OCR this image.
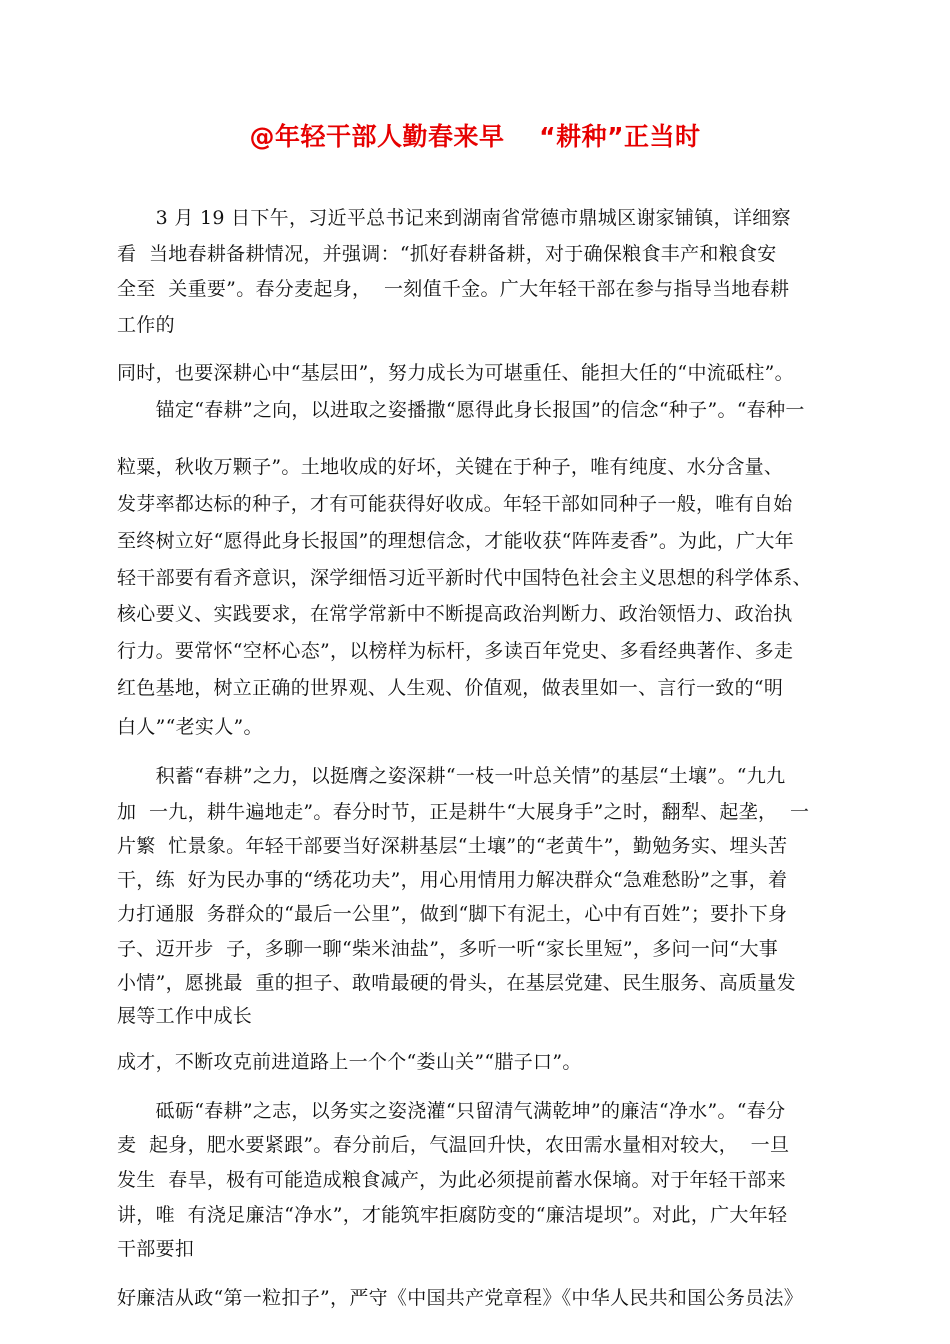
@年轻干部人勤春来早　 “耕种”正当时
　　3 月 19 日下午，习近平总书记来到湖南省常德市鼎城区谢家铺镇，详细察
看  当地春耕备耕情况，并强调：“抓好春耕备耕，对于确保粮食丰产和粮食安
全至  关重要”。春分麦起身，  一刻值千金。广大年轻干部在参与指导当地春耕
工作的
同时，也要深耕心中“基层田”，努力成长为可堪重任、能担大任的“中流砥柱”。
　　锚定“春耕”之向，以进取之姿播撒“愿得此身长报国”的信念“种子”。“春种一
粒粟，秋收万颗子”。土地收成的好坏，关键在于种子，唯有纯度、水分含量、
发芽率都达标的种子，才有可能获得好收成。年轻干部如同种子一般，唯有自始
至终树立好“愿得此身长报国”的理想信念，才能收获“阵阵麦香”。为此，广大年
轻干部要有看齐意识，深学细悟习近平新时代中国特色社会主义思想的科学体系、
核心要义、实践要求，在常学常新中不断提高政治判断力、政治领悟力、政治执
行力。要常怀“空杯心态”，以榜样为标杆，多读百年党史、多看经典著作、多走
红色基地，树立正确的世界观、人生观、价值观，做表里如一、言行一致的“明
白人”“老实人”。
　　积蓄“春耕”之力，以挺膺之姿深耕“一枝一叶总关情”的基层“土壤”。“九九
加  一九，耕牛遍地走”。春分时节，正是耕牛“大展身手”之时，翻犁、起垄，  一
片繁  忙景象。年轻干部要当好深耕基层“土壤”的“老黄牛”，勤勉务实、埋头苦
干，练  好为民办事的“绣花功夫”，用心用情用力解决群众“急难愁盼”之事，着
力打通服  务群众的“最后一公里”，做到“脚下有泥土，心中有百姓”；要扑下身
子、迈开步  子，多聊一聊“柴米油盐”，多听一听“家长里短”，多问一问“大事
小情”，愿挑最  重的担子、敢啃最硬的骨头，在基层党建、民生服务、高质量发
展等工作中成长
成才，不断攻克前进道路上一个个“娄山关”“腊子口”。
　　砥砺“春耕”之志，以务实之姿浇灌“只留清气满乾坤”的廉洁“净水”。“春分
麦  起身，肥水要紧跟”。春分前后，气温回升快，农田需水量相对较大，  一旦
发生  春旱，极有可能造成粮食减产，为此必须提前蓄水保墒。对于年轻干部来
讲，唯  有浇足廉洁“净水”，才能筑牢拒腐防变的“廉洁堤坝”。对此，广大年轻
干部要扣
好廉洁从政“第一粒扣子”，严守《中国共产党章程》《中华人民共和国公务员法》
